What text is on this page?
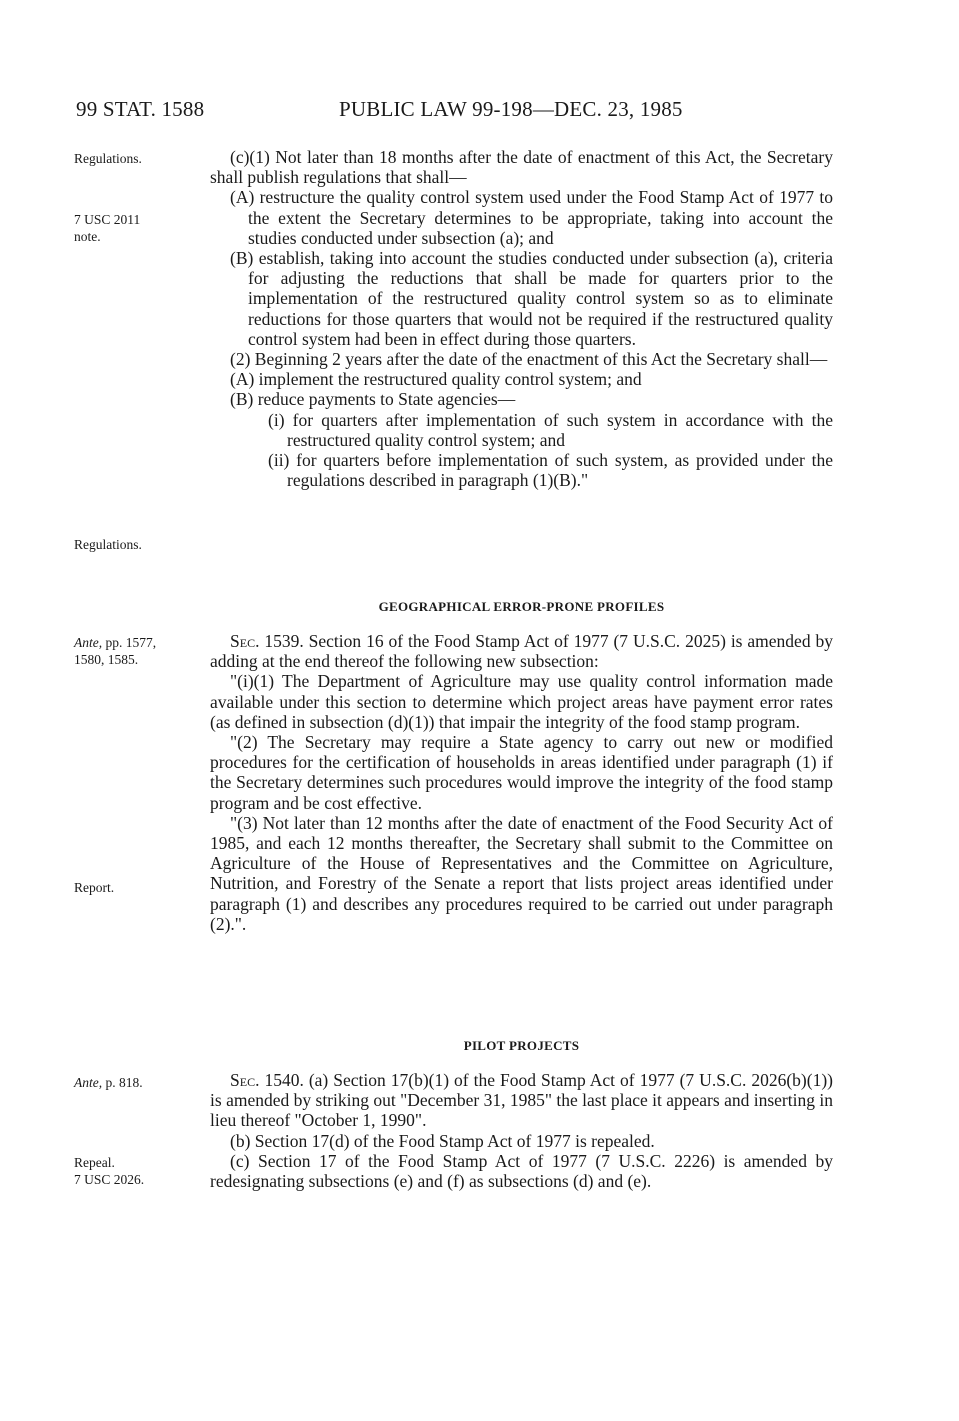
99 STAT. 1588	PUBLIC LAW 99-198—DEC. 23, 1985
Regulations.
7 USC 2011
note.
Regulations.
Ante, pp. 1577,
1580, 1585.
Report.
Ante, p. 818.
Repeal.
7 USC 2026.

(c)(1) Not later than 18 months after the date of enactment of this Act, the Secretary shall publish regulations that shall—

(A) restructure the quality control system used under the Food Stamp Act of 1977 to the extent the Secretary determines to be appropriate, taking into account the studies conducted under subsection (a); and

(B) establish, taking into account the studies conducted under subsection (a), criteria for adjusting the reductions that shall be made for quarters prior to the implementation of the restructured quality control system so as to eliminate reductions for those quarters that would not be required if the restructured quality control system had been in effect during those quarters.

(2) Beginning 2 years after the date of the enactment of this Act the Secretary shall—

(A) implement the restructured quality control system; and

(B) reduce payments to State agencies—

(i) for quarters after implementation of such system in accordance with the restructured quality control system; and

(ii) for quarters before implementation of such system, as provided under the regulations described in paragraph (1)(B)."

GEOGRAPHICAL ERROR-PRONE PROFILES

Sec. 1539. Section 16 of the Food Stamp Act of 1977 (7 U.S.C. 2025) is amended by adding at the end thereof the following new subsection:

"(i)(1) The Department of Agriculture may use quality control information made available under this section to determine which project areas have payment error rates (as defined in subsection (d)(1)) that impair the integrity of the food stamp program.

"(2) The Secretary may require a State agency to carry out new or modified procedures for the certification of households in areas identified under paragraph (1) if the Secretary determines such procedures would improve the integrity of the food stamp program and be cost effective.

"(3) Not later than 12 months after the date of enactment of the Food Security Act of 1985, and each 12 months thereafter, the Secretary shall submit to the Committee on Agriculture of the House of Representatives and the Committee on Agriculture, Nutrition, and Forestry of the Senate a report that lists project areas identified under paragraph (1) and describes any procedures required to be carried out under paragraph (2).".

PILOT PROJECTS

Sec. 1540. (a) Section 17(b)(1) of the Food Stamp Act of 1977 (7 U.S.C. 2026(b)(1)) is amended by striking out "December 31, 1985" the last place it appears and inserting in lieu thereof "October 1, 1990".

(b) Section 17(d) of the Food Stamp Act of 1977 is repealed.

(c) Section 17 of the Food Stamp Act of 1977 (7 U.S.C. 2226) is amended by redesignating subsections (e) and (f) as subsections (d) and (e).
